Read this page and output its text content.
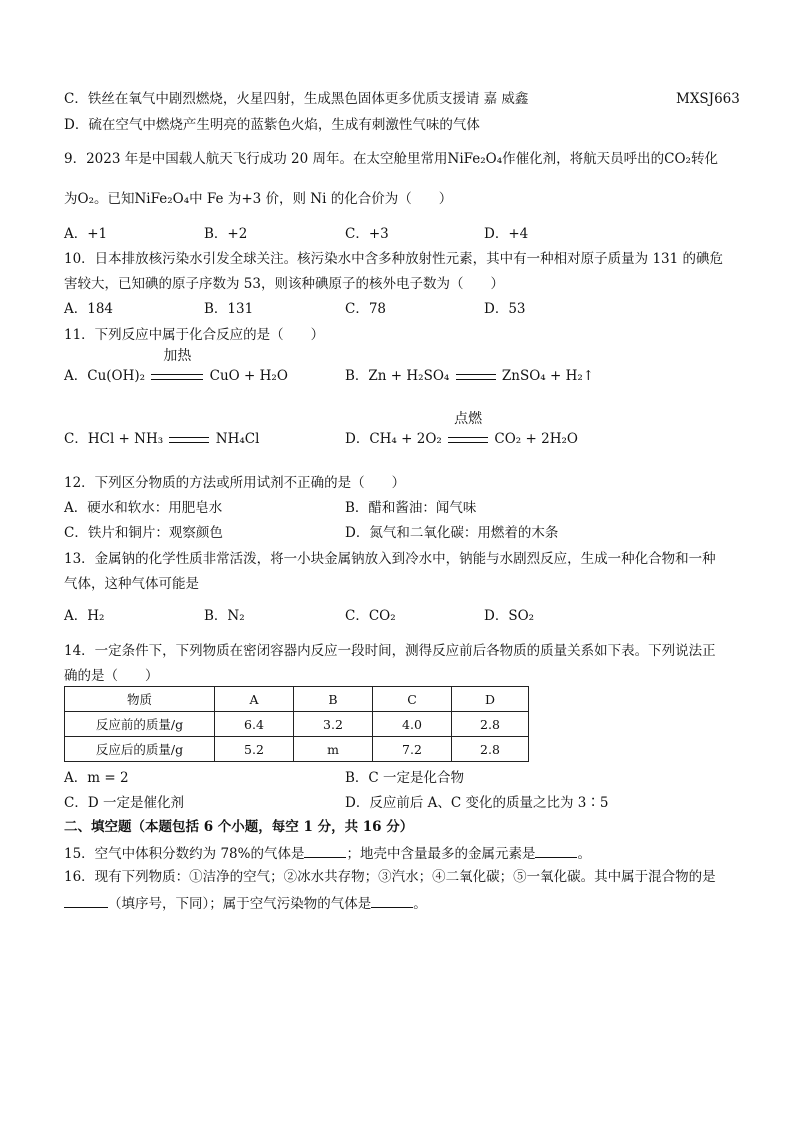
C．铁丝在氧气中剧烈燃烧，火星四射，生成黑色固体更多优质支援请 嘉 威鑫	MXSJ663
D．硫在空气中燃烧产生明亮的蓝紫色火焰，生成有刺激性气味的气体
9．2023 年是中国载人航天飞行成功 20 周年。在太空舱里常用NiFe₂O₄作催化剂，将航天员呼出的CO₂转化
为O₂。已知NiFe₂O₄中 Fe 为+3 价，则 Ni 的化合价为（　　）
A．+1	B．+2	C．+3	D．+4
10．日本排放核污染水引发全球关注。核污染水中含多种放射性元素，其中有一种相对原子质量为 131 的碘危
害较大，已知碘的原子序数为 53，则该种碘原子的核外电子数为（　　）
A．184	B．131	C．78	D．53
11．下列反应中属于化合反应的是（　　）
A．Cu(OH)₂
加热
CuO + H₂O	B．Zn + H₂SO₄	ZnSO₄ + H₂↑
C．HCl + NH₃	NH₄Cl	D．CH₄ + 2O₂
点燃
CO₂ + 2H₂O
12．下列区分物质的方法或所用试剂不正确的是（　　）
A．硬水和软水：用肥皂水	B．醋和酱油：闻气味
C．铁片和铜片：观察颜色	D．氮气和二氧化碳：用燃着的木条
13．金属钠的化学性质非常活泼，将一小块金属钠放入到冷水中，钠能与水剧烈反应，生成一种化合物和一种
气体，这种气体可能是
A．H₂	B．N₂	C．CO₂	D．SO₂
14．一定条件下，下列物质在密闭容器内反应一段时间，测得反应前后各物质的质量关系如下表。下列说法正
确的是（　　）
物质	A	B	C	D
反应前的质量/g	6.4	3.2	4.0	2.8
反应后的质量/g	5.2	m	7.2	2.8
A．m = 2	B．C 一定是化合物
C．D 一定是催化剂	D．反应前后 A、C 变化的质量之比为 3∶5
二、填空题（本题包括 6 个小题，每空 1 分，共 16 分）
15．空气中体积分数约为 78%的气体是	；地壳中含量最多的金属元素是	。
16．现有下列物质：①洁净的空气；②冰水共存物；③汽水；④二氧化碳；⑤一氧化碳。其中属于混合物的是
（填序号，下同）；属于空气污染物的气体是	。
